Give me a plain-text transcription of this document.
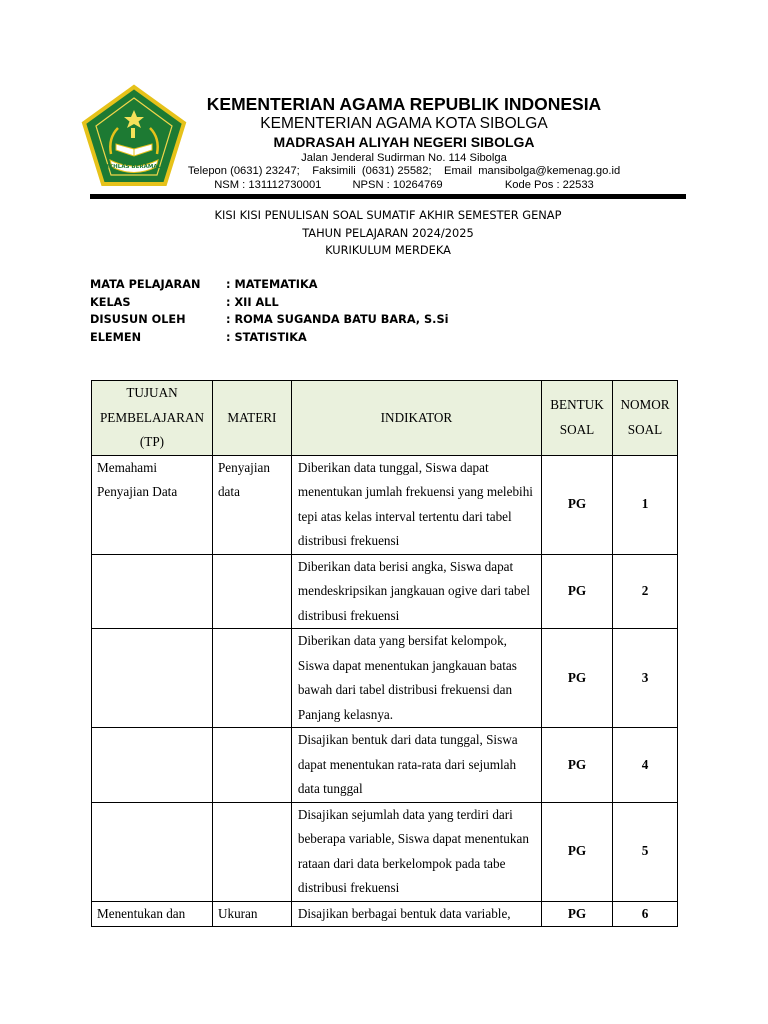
IKHLAS BERAMAL
KEMENTERIAN AGAMA REPUBLIK INDONESIA
KEMENTERIAN AGAMA KOTA SIBOLGA
MADRASAH ALIYAH NEGERI SIBOLGA
Jalan Jenderal Sudirman No. 114 Sibolga
Telepon (0631) 23247;    Faksimili  (0631) 25582;    Email  mansibolga@kemenag.go.id
NSM : 131112730001          NPSN : 10264769                    Kode Pos : 22533
KISI KISI PENULISAN SOAL SUMATIF AKHIR SEMESTER GENAP
TAHUN PELAJARAN 2024/2025
KURIKULUM MERDEKA
MATA PELAJARAN	: MATEMATIKA
KELAS	: XII ALL
DISUSUN OLEH	: ROMA SUGANDA BATU BARA, S.Si
ELEMEN	: STATISTIKA
TUJUAN PEMBELAJARAN (TP)	MATERI	INDIKATOR	BENTUK SOAL	NOMOR SOAL
Memahami Penyajian Data	Penyajian data	Diberikan data tunggal, Siswa dapat menentukan jumlah frekuensi yang melebihi tepi atas kelas interval tertentu dari tabel distribusi frekuensi	PG	1
		Diberikan data berisi angka, Siswa dapat mendeskripsikan jangkauan ogive dari tabel distribusi frekuensi	PG	2
		Diberikan data yang bersifat kelompok, Siswa dapat menentukan jangkauan batas bawah dari tabel distribusi frekuensi dan Panjang kelasnya.	PG	3
		Disajikan bentuk dari data tunggal, Siswa dapat menentukan rata-rata dari sejumlah data tunggal	PG	4
		Disajikan sejumlah data yang terdiri dari beberapa variable, Siswa dapat menentukan rataan dari data berkelompok pada tabe distribusi frekuensi	PG	5
Menentukan dan	Ukuran	Disajikan berbagai bentuk data variable,	PG	6
